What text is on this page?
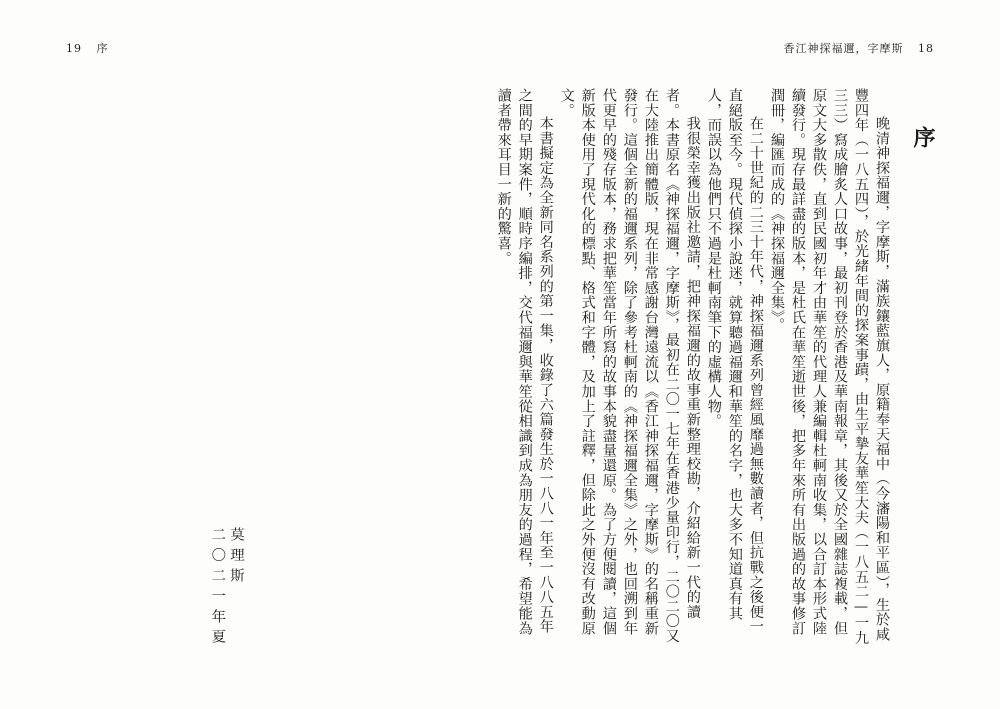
19 序	香江神探福邇，字摩斯 18
序

晚清神探福邇，字摩斯，滿族鑲藍旗人，原籍奉天福中（今瀋陽和平區），生於咸豐四年（一八五四），於光緒年間的探案事蹟，由生平摯友華笙大夫（一八五二—一九三三）寫成膾炙人口故事，最初刊登於香港及華南報章，其後又於全國雜誌複載，但原文大多散佚，直到民國初年才由華笙的代理人兼編輯杜軻南收集，以合訂本形式陸續發行。現存最詳盡的版本，是杜氏在華笙逝世後，把多年來所有出版過的故事修訂潤冊，編匯而成的《神探福邇全集》。

在二十世紀的二三十年代，神探福邇系列曾經風靡過無數讀者，但抗戰之後便一直絕版至今。現代偵探小說迷，就算聽過福邇和華笙的名字，也大多不知道真有其人，而誤以為他們只不過是杜軻南筆下的虛構人物。

我很榮幸獲出版社邀請，把神探福邇的故事重新整理校勘，介紹給新一代的讀者。本書原名《神探福邇，字摩斯》，最初在二〇一七年在香港少量印行，二〇二〇又在大陸推出簡體版，現在非常感謝台灣遠流以《香江神探福邇，字摩斯》的名稱重新發行。這個全新的福邇系列，除了參考杜軻南的《神探福邇全集》之外，也回溯到年代更早的殘存版本，務求把華笙當年所寫的故事本貌盡量還原。為了方便閱讀，這個新版本使用了現代化的標點、格式和字體，及加上了註釋，但除此之外便沒有改動原文。

本書擬定為全新同名系列的第一集，收錄了六篇發生於一八八一年至一八八五年之間的早期案件，順時序編排，交代福邇與華笙從相識到成為朋友的過程，希望能為讀者帶來耳目一新的驚喜。

莫理斯
二〇二一年夏
